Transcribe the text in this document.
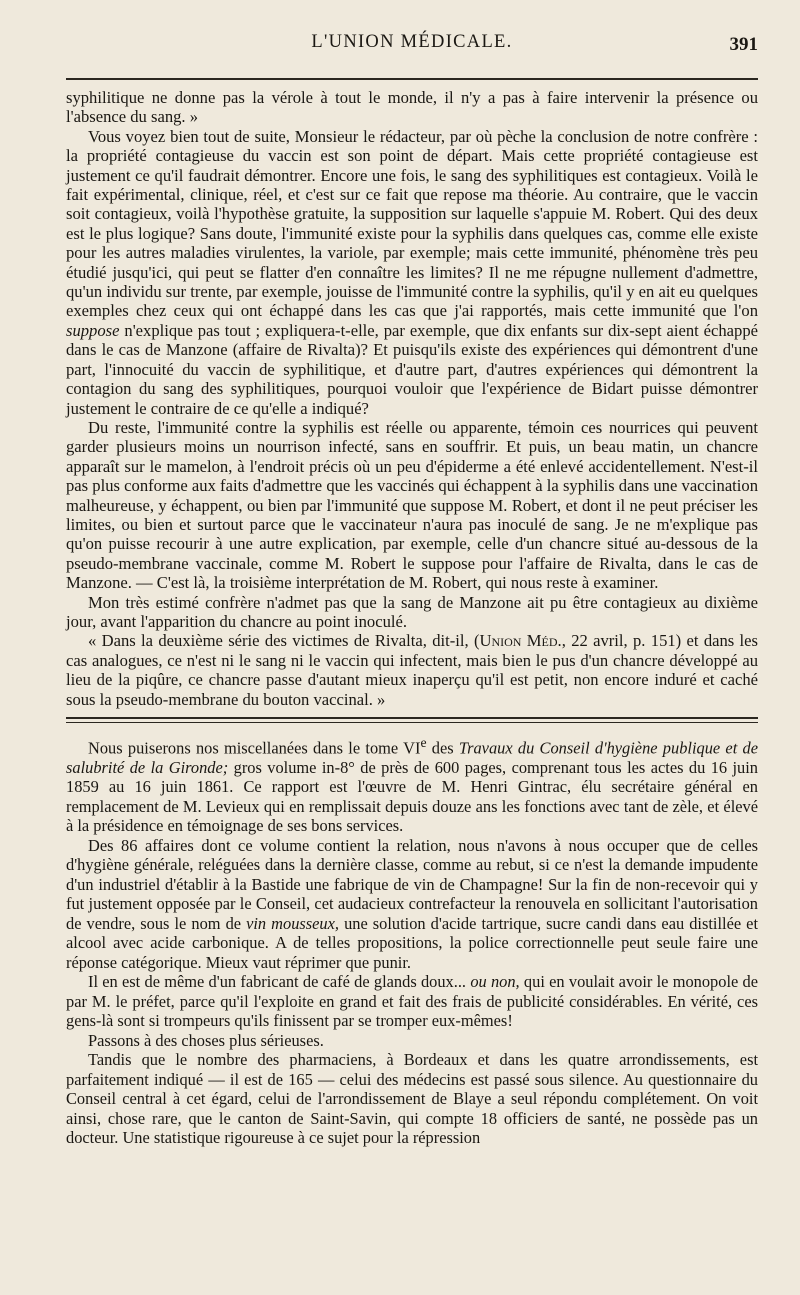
L'UNION MÉDICALE.	391

syphilitique ne donne pas la vérole à tout le monde, il n'y a pas à faire intervenir la présence ou l'absence du sang. »

Vous voyez bien tout de suite, Monsieur le rédacteur, par où pèche la conclusion de notre confrère : la propriété contagieuse du vaccin est son point de départ. Mais cette propriété contagieuse est justement ce qu'il faudrait démontrer. Encore une fois, le sang des syphilitiques est contagieux. Voilà le fait expérimental, clinique, réel, et c'est sur ce fait que repose ma théorie. Au contraire, que le vaccin soit contagieux, voilà l'hypothèse gratuite, la supposition sur laquelle s'appuie M. Robert. Qui des deux est le plus logique? Sans doute, l'immunité existe pour la syphilis dans quelques cas, comme elle existe pour les autres maladies virulentes, la variole, par exemple; mais cette immunité, phénomène très peu étudié jusqu'ici, qui peut se flatter d'en connaître les limites? Il ne me répugne nullement d'admettre, qu'un individu sur trente, par exemple, jouisse de l'immunité contre la syphilis, qu'il y en ait eu quelques exemples chez ceux qui ont échappé dans les cas que j'ai rapportés, mais cette immunité que l'on suppose n'explique pas tout ; expliquera-t-elle, par exemple, que dix enfants sur dix-sept aient échappé dans le cas de Manzone (affaire de Rivalta)? Et puisqu'ils existe des expériences qui démontrent d'une part, l'innocuité du vaccin de syphilitique, et d'autre part, d'autres expériences qui démontrent la contagion du sang des syphilitiques, pourquoi vouloir que l'expérience de Bidart puisse démontrer justement le contraire de ce qu'elle a indiqué?

Du reste, l'immunité contre la syphilis est réelle ou apparente, témoin ces nourrices qui peuvent garder plusieurs moins un nourrison infecté, sans en souffrir. Et puis, un beau matin, un chancre apparaît sur le mamelon, à l'endroit précis où un peu d'épiderme a été enlevé accidentellement. N'est-il pas plus conforme aux faits d'admettre que les vaccinés qui échappent à la syphilis dans une vaccination malheureuse, y échappent, ou bien par l'immunité que suppose M. Robert, et dont il ne peut préciser les limites, ou bien et surtout parce que le vaccinateur n'aura pas inoculé de sang. Je ne m'explique pas qu'on puisse recourir à une autre explication, par exemple, celle d'un chancre situé au-dessous de la pseudo-membrane vaccinale, comme M. Robert le suppose pour l'affaire de Rivalta, dans le cas de Manzone. — C'est là, la troisième interprétation de M. Robert, qui nous reste à examiner.

Mon très estimé confrère n'admet pas que la sang de Manzone ait pu être contagieux au dixième jour, avant l'apparition du chancre au point inoculé.

« Dans la deuxième série des victimes de Rivalta, dit-il, (Union Méd., 22 avril, p. 151) et dans les cas analogues, ce n'est ni le sang ni le vaccin qui infectent, mais bien le pus d'un chancre développé au lieu de la piqûre, ce chancre passe d'autant mieux inaperçu qu'il est petit, non encore induré et caché sous la pseudo-membrane du bouton vaccinal. »

Nous puiserons nos miscellanées dans le tome VIe des Travaux du Conseil d'hygiène publique et de salubrité de la Gironde; gros volume in-8° de près de 600 pages, comprenant tous les actes du 16 juin 1859 au 16 juin 1861. Ce rapport est l'œuvre de M. Henri Gintrac, élu secrétaire général en remplacement de M. Levieux qui en remplissait depuis douze ans les fonctions avec tant de zèle, et élevé à la présidence en témoignage de ses bons services.

Des 86 affaires dont ce volume contient la relation, nous n'avons à nous occuper que de celles d'hygiène générale, reléguées dans la dernière classe, comme au rebut, si ce n'est la demande impudente d'un industriel d'établir à la Bastide une fabrique de vin de Champagne! Sur la fin de non-recevoir qui y fut justement opposée par le Conseil, cet audacieux contrefacteur la renouvela en sollicitant l'autorisation de vendre, sous le nom de vin mousseux, une solution d'acide tartrique, sucre candi dans eau distillée et alcool avec acide carbonique. A de telles propositions, la police correctionnelle peut seule faire une réponse catégorique. Mieux vaut réprimer que punir.

Il en est de même d'un fabricant de café de glands doux... ou non, qui en voulait avoir le monopole de par M. le préfet, parce qu'il l'exploite en grand et fait des frais de publicité considérables. En vérité, ces gens-là sont si trompeurs qu'ils finissent par se tromper eux-mêmes!

Passons à des choses plus sérieuses.

Tandis que le nombre des pharmaciens, à Bordeaux et dans les quatre arrondissements, est parfaitement indiqué — il est de 165 — celui des médecins est passé sous silence. Au questionnaire du Conseil central à cet égard, celui de l'arrondissement de Blaye a seul répondu complétement. On voit ainsi, chose rare, que le canton de Saint-Savin, qui compte 18 officiers de santé, ne possède pas un docteur. Une statistique rigoureuse à ce sujet pour la répression
